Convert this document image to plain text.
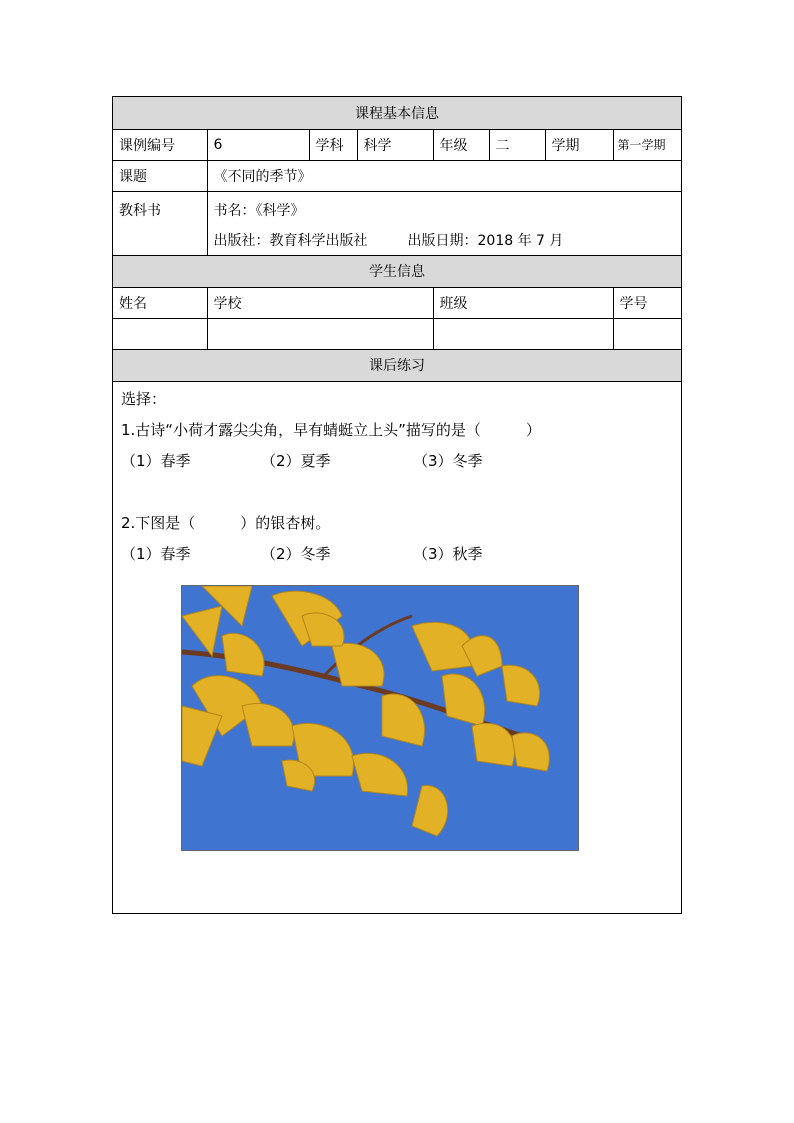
课程基本信息							
课例编号	6	学科	科学	年级	二	学期	第一学期
课题	《不同的季节》						
教科书	书名：《科学》
出版社：教育科学出版社 出版日期：2018 年 7 月						

学生信息							
姓名	学校			班级			学号

课后练习							

选择：

1.古诗“小荷才露尖尖角，早有蜻蜓立上头”描写的是（　　　）

（1）春季	（2）夏季	（3）冬季

2.下图是（　　　）的银杏树。

（1）春季	（2）冬季	（3）秋季
